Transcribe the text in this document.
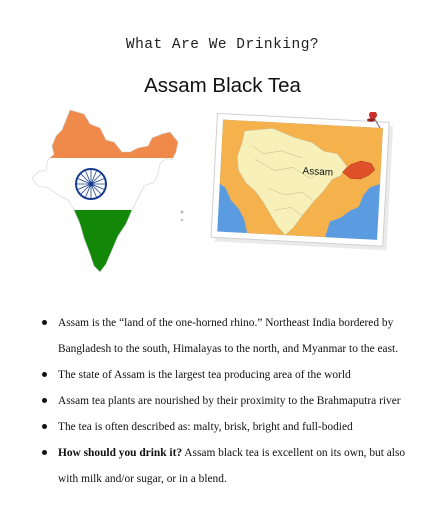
What Are We Drinking?
Assam Black Tea
Assam
Assam is the “land of the one-horned rhino.” Northeast India bordered by Bangladesh to the south, Himalayas to the north, and Myanmar to the east.
The state of Assam is the largest tea producing area of the world
Assam tea plants are nourished by their proximity to the Brahmaputra river
The tea is often described as: malty, brisk, bright and full-bodied
How should you drink it? Assam black tea is excellent on its own, but also with milk and/or sugar, or in a blend.
